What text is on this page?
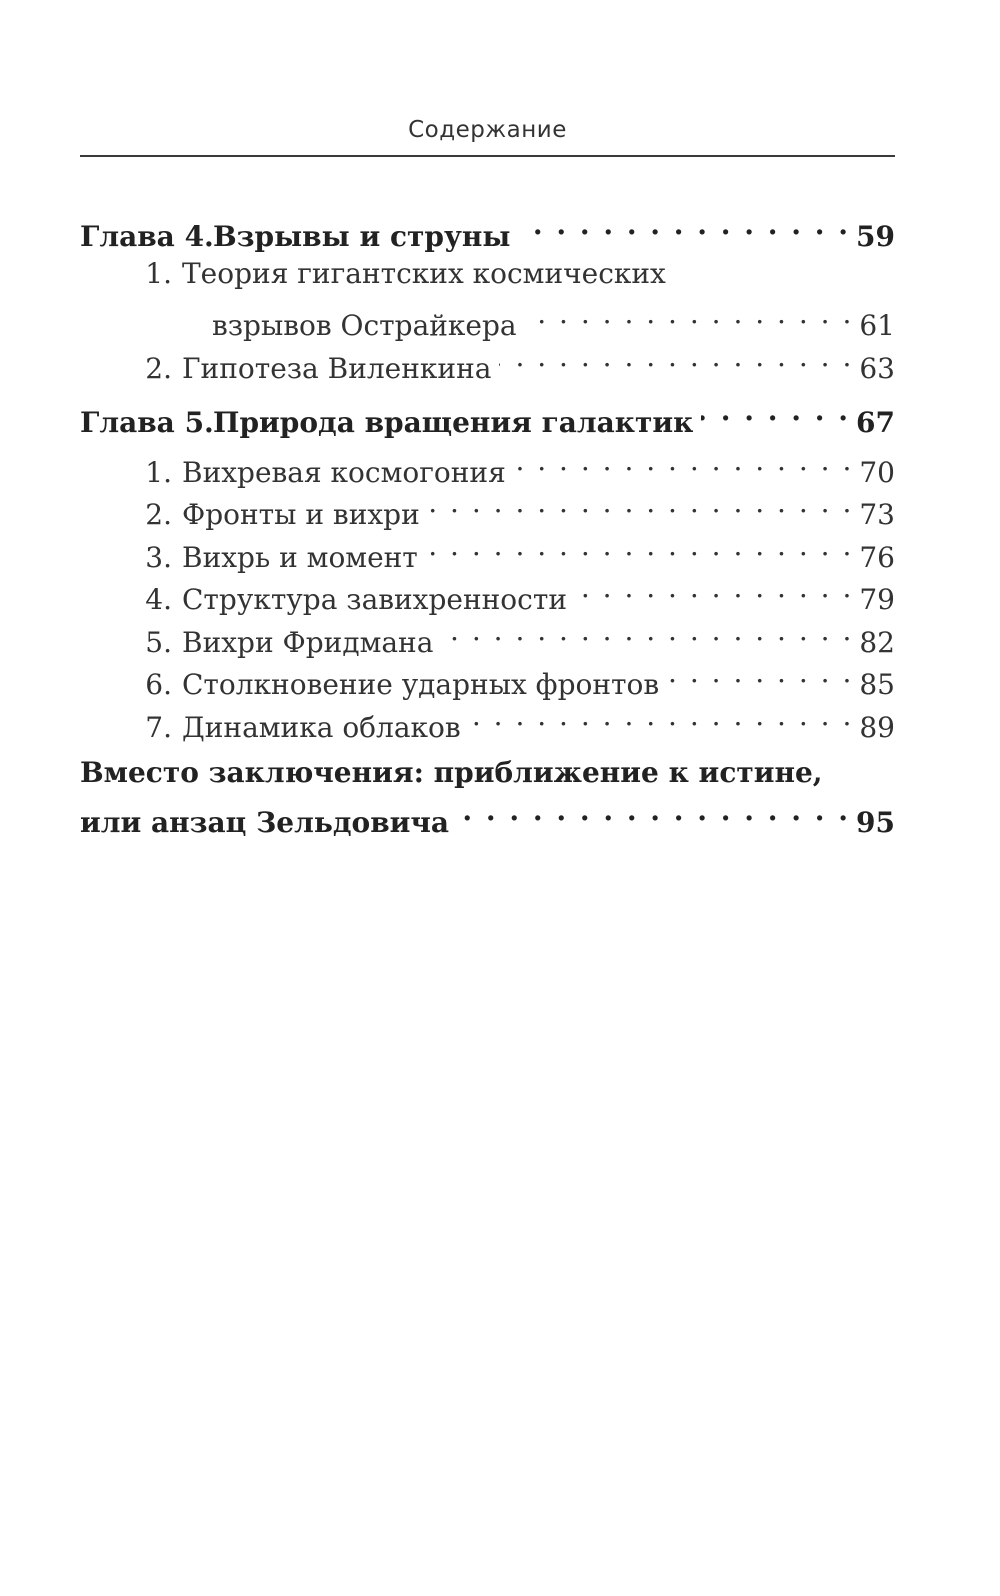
Содержание
Глава 4.Взрывы и струны . . .	59
1. Теория гигантских космических
взрывов Острайкера . . .	61
2. Гипотеза Виленкина . . .	63
Глава 5.Природа вращения галактик . . .	67
1. Вихревая космогония . . .	70
2. Фронты и вихри . . .	73
3. Вихрь и момент . . .	76
4. Структура завихренности . . .	79
5. Вихри Фридмана . . .	82
6. Столкновение ударных фронтов . . .	85
7. Динамика облаков . . .	89
Вместо заключения: приближение к истине,
или анзац Зельдовича . . .	95
